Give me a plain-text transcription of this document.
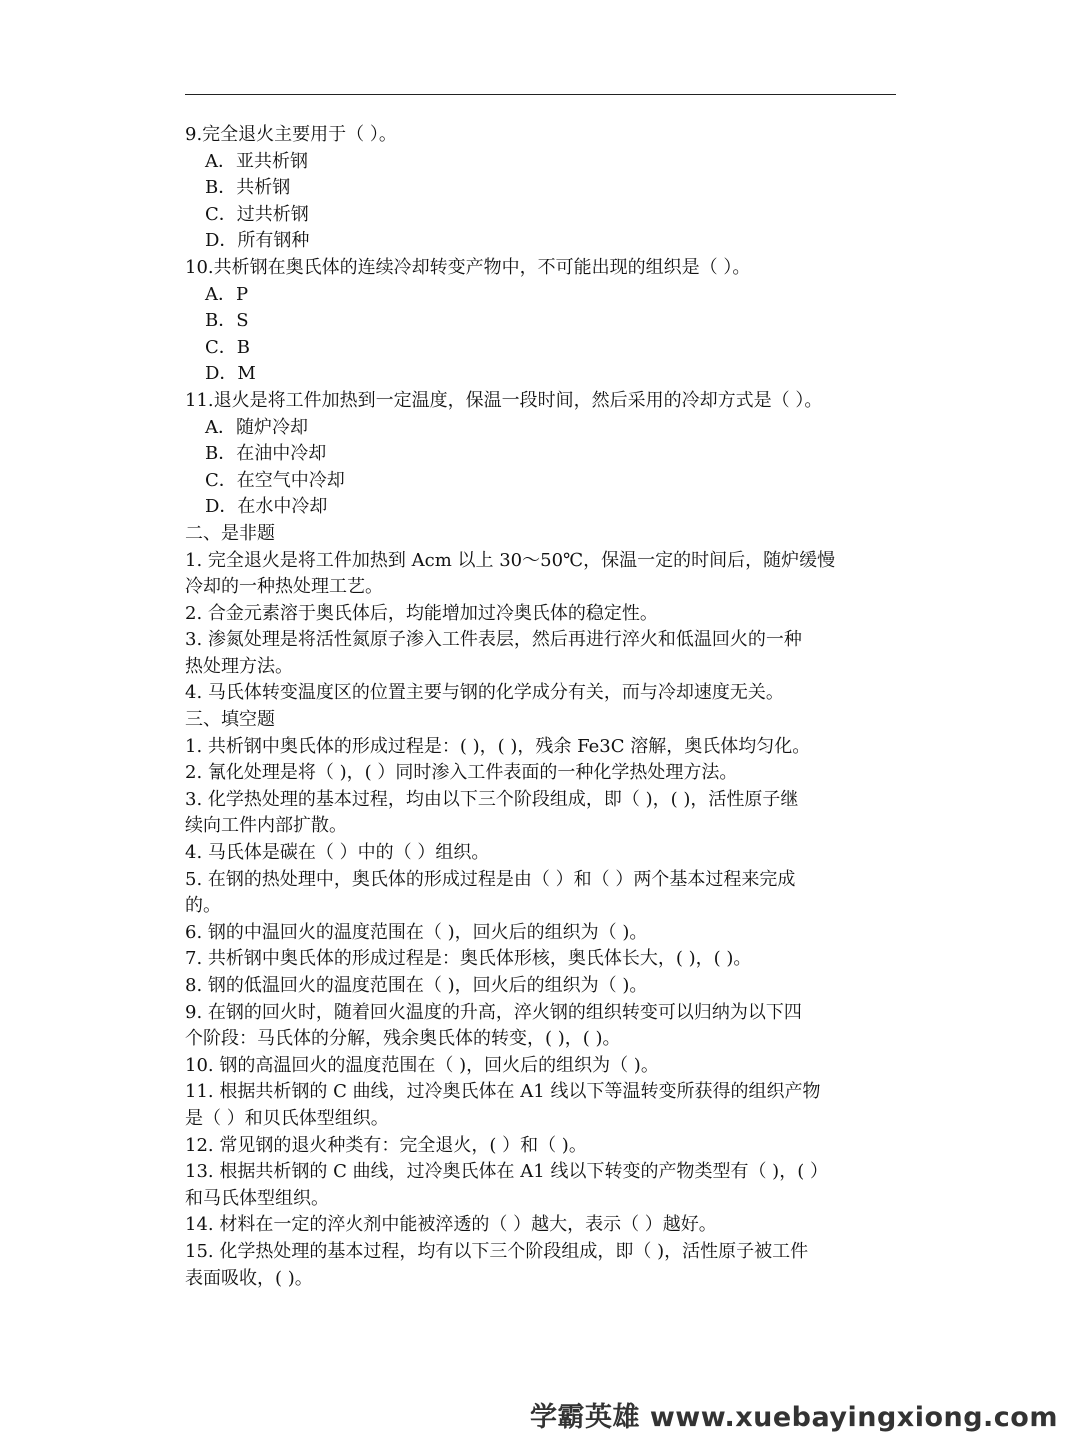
9.完全退火主要用于（ ）。
A．亚共析钢
B．共析钢
C．过共析钢
D．所有钢种
10.共析钢在奥氏体的连续冷却转变产物中，不可能出现的组织是（ ）。
A．P
B．S
C．B
D．M
11.退火是将工件加热到一定温度，保温一段时间，然后采用的冷却方式是（ ）。
A．随炉冷却
B．在油中冷却
C．在空气中冷却
D．在水中冷却
二、是非题
1. 完全退火是将工件加热到 Acm 以上 30～50℃，保温一定的时间后，随炉缓慢
冷却的一种热处理工艺。
2. 合金元素溶于奥氏体后，均能增加过冷奥氏体的稳定性。
3. 渗氮处理是将活性氮原子渗入工件表层，然后再进行淬火和低温回火的一种
热处理方法。
4. 马氏体转变温度区的位置主要与钢的化学成分有关，而与冷却速度无关。
三、填空题
1. 共析钢中奥氏体的形成过程是：( )，( )，残余 Fe3C 溶解，奥氏体均匀化。
2. 氰化处理是将（ )，( ）同时渗入工件表面的一种化学热处理方法。
3. 化学热处理的基本过程，均由以下三个阶段组成，即（ )，( )，活性原子继
续向工件内部扩散。
4. 马氏体是碳在（ ）中的（ ）组织。
5. 在钢的热处理中，奥氏体的形成过程是由（ ）和（ ）两个基本过程来完成
的。
6. 钢的中温回火的温度范围在（ )，回火后的组织为（ )。
7. 共析钢中奥氏体的形成过程是：奥氏体形核，奥氏体长大，( )，( )。
8. 钢的低温回火的温度范围在（ )，回火后的组织为（ )。
9. 在钢的回火时，随着回火温度的升高，淬火钢的组织转变可以归纳为以下四
个阶段：马氏体的分解，残余奥氏体的转变，( )，( )。
10. 钢的高温回火的温度范围在（ )，回火后的组织为（ )。
11. 根据共析钢的 C 曲线，过冷奥氏体在 A1 线以下等温转变所获得的组织产物
是（ ）和贝氏体型组织。
12. 常见钢的退火种类有：完全退火，( ）和（ )。
13. 根据共析钢的 C 曲线，过冷奥氏体在 A1 线以下转变的产物类型有（ )，( ）
和马氏体型组织。
14. 材料在一定的淬火剂中能被淬透的（ ）越大，表示（ ）越好。
15. 化学热处理的基本过程，均有以下三个阶段组成，即（ )，活性原子被工件
表面吸收，( )。
学霸英雄 www.xuebayingxiong.com
